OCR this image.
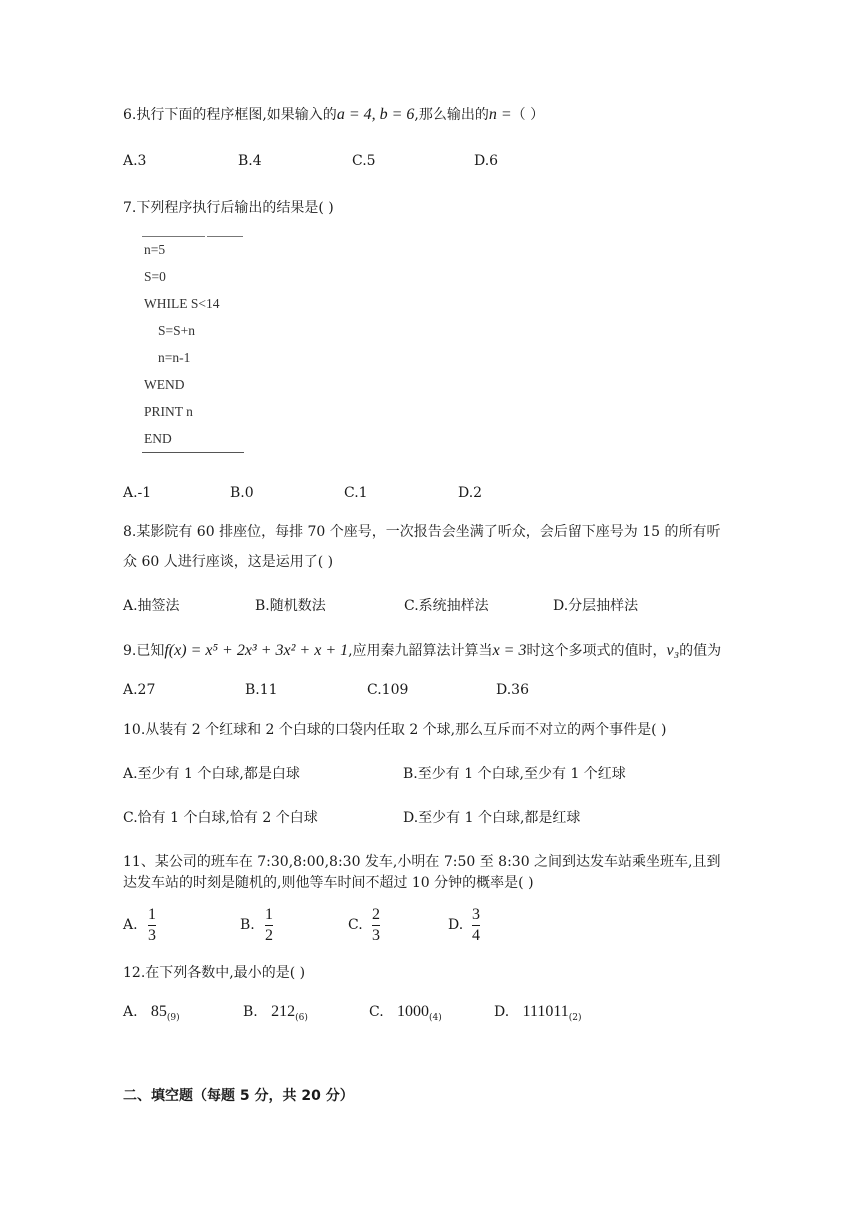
6.执行下面的程序框图,如果输入的a = 4, b = 6,那么输出的n =（ ）
A.3	B.4	C.5	D.6
7.下列程序执行后输出的结果是( )
n=5
S=0
WHILE S<14
S=S+n
n=n-1
WEND
PRINT n
END
A.-1	B.0	C.1	D.2
8.某影院有 60 排座位，每排 70 个座号，一次报告会坐满了听众，会后留下座号为 15 的所有听
众 60 人进行座谈，这是运用了( )
A.抽签法	B.随机数法	C.系统抽样法	D.分层抽样法
9.已知f(x) = x⁵ + 2x³ + 3x² + x + 1,应用秦九韶算法计算当x = 3时这个多项式的值时，v₃的值为
A.27	B.11	C.109	D.36
10.从装有 2 个红球和 2 个白球的口袋内任取 2 个球,那么互斥而不对立的两个事件是( )
A.至少有 1 个白球,都是白球	B.至少有 1 个白球,至少有 1 个红球
C.恰有 1 个白球,恰有 2 个白球	D.至少有 1 个白球,都是红球
11、某公司的班车在 7:30,8:00,8:30 发车,小明在 7:50 至 8:30 之间到达发车站乘坐班车,且到
达发车站的时刻是随机的,则他等车时间不超过 10 分钟的概率是( )
A. $\frac{1}{3}$	B. $\frac{1}{2}$	C. $\frac{2}{3}$	D. $\frac{3}{4}$
12.在下列各数中,最小的是( )
A. $85_{(9)}$	B. $212_{(6)}$	C. $1000_{(4)}$	D. $111011_{(2)}$
二、填空题（每题 5 分，共 20 分）
